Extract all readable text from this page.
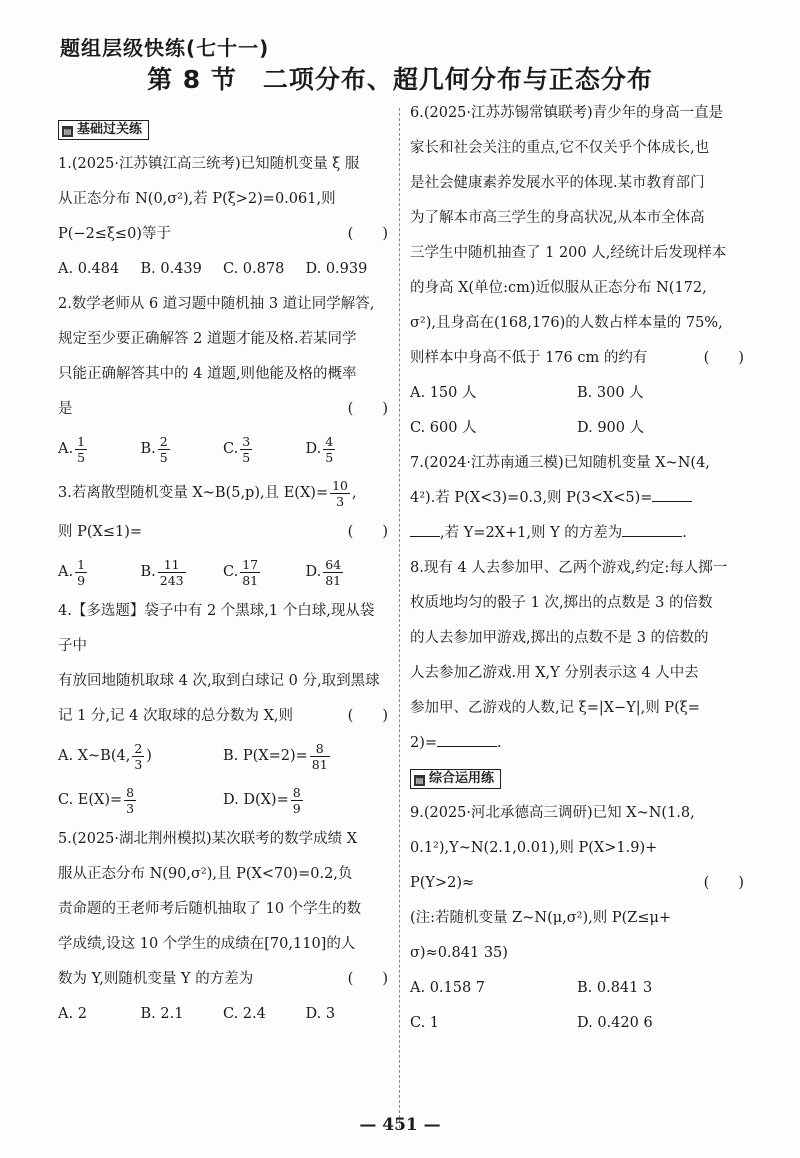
题组层级快练(七十一)
第 8 节　二项分布、超几何分布与正态分布
▤ 基础过关练

1.(2025·江苏镇江高三统考)已知随机变量 ξ 服

从正态分布 N(0,σ²),若 P(ξ>2)=0.061,则

P(−2≤ξ≤0)等于	(　　)

A. 0.484	B. 0.439	C. 0.878	D. 0.939

2.数学老师从 6 道习题中随机抽 3 道让同学解答,

规定至少要正确解答 2 道题才能及格.若某同学

只能正确解答其中的 4 道题,则他能及格的概率

是	(　　)

A. $\frac{1}{5}$	B. $\frac{2}{5}$	C. $\frac{3}{5}$	D. $\frac{4}{5}$

3.若离散型随机变量 X~B(5,p),且 $E(X)= \frac{10}{3}$ ,

则 P(X≤1)=	(　　)

A. $\frac{1}{9}$	B. $\frac{11}{243}$	C. $\frac{17}{81}$	D. $\frac{64}{81}$

4.【多选题】袋子中有 2 个黑球,1 个白球,现从袋子中

有放回地随机取球 4 次,取到白球记 0 分,取到黑球

记 1 分,记 4 次取球的总分数为 X,则	(　　)

A. X~B(4, $\frac{2}{3}$ )	B. $P(X=2)= \frac{8}{81}$
C. $E(X)= \frac{8}{3}$	D. $D(X)= \frac{8}{9}$

5.(2025·湖北荆州模拟)某次联考的数学成绩 X

服从正态分布 N(90,σ²),且 P(X<70)=0.2,负

责命题的王老师考后随机抽取了 10 个学生的数

学成绩,设这 10 个学生的成绩在[70,110]的人

数为 Y,则随机变量 Y 的方差为	(　　)

A. 2	B. 2.1	C. 2.4	D. 3

6.(2025·江苏苏锡常镇联考)青少年的身高一直是

家长和社会关注的重点,它不仅关乎个体成长,也

是社会健康素养发展水平的体现.某市教育部门

为了解本市高三学生的身高状况,从本市全体高

三学生中随机抽查了 1 200 人,经统计后发现样本

的身高 X(单位:cm)近似服从正态分布 N(172,

σ²),且身高在(168,176)的人数占样本量的 75%,

则样本中身高不低于 176 cm 的约有	(　　)

A. 150 人	B. 300 人
C. 600 人	D. 900 人

7.(2024·江苏南通三模)已知随机变量 X~N(4,

4²).若 P(X<3)=0.3,则 P(3<X<5)=

,若 Y=2X+1,则 Y 的方差为	.

8.现有 4 人去参加甲、乙两个游戏,约定:每人掷一

枚质地均匀的骰子 1 次,掷出的点数是 3 的倍数

的人去参加甲游戏,掷出的点数不是 3 的倍数的

人去参加乙游戏.用 X,Y 分别表示这 4 人中去

参加甲、乙游戏的人数,记 ξ=|X−Y|,则 P(ξ=

2)=	.

▤ 综合运用练

9.(2025·河北承德高三调研)已知 X~N(1.8,

0.1²),Y~N(2.1,0.01),则 P(X>1.9)+

P(Y>2)≈	(　　)

(注:若随机变量 Z~N(μ,σ²),则 P(Z≤μ+

σ)≈0.841 35)

A. 0.158 7	B. 0.841 3
C. 1	D. 0.420 6
— 451 —
